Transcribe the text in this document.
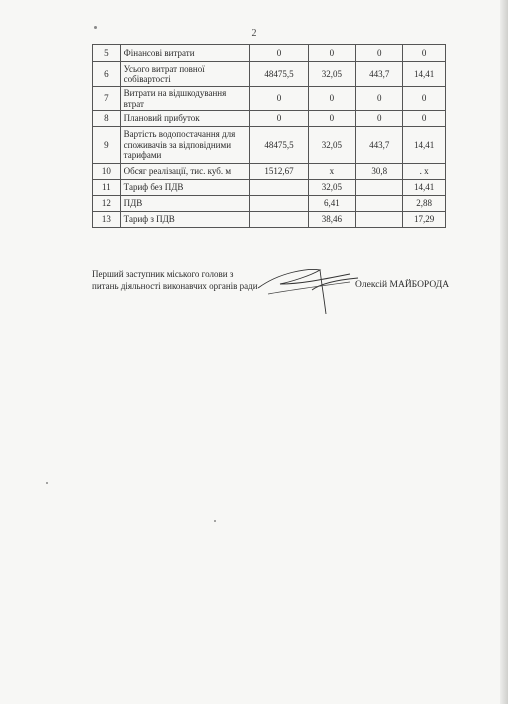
2
5	Фінансові витрати	0	0	0	0
6	Усього витрат повної собівартості	48475,5	32,05	443,7	14,41
7	Витрати на відшкодування втрат	0	0	0	0
8	Плановий прибуток	0	0	0	0
9	Вартість водопостачання для споживачів за відповідними тарифами	48475,5	32,05	443,7	14,41
10	Обсяг реалізації, тис. куб. м	1512,67	х	30,8	. х
11	Тариф без ПДВ		32,05		14,41
12	ПДВ		6,41		2,88
13	Тариф з ПДВ		38,46		17,29
Перший заступник міського голови з
питань діяльності виконавчих органів ради	Олексій МАЙБОРОДА
